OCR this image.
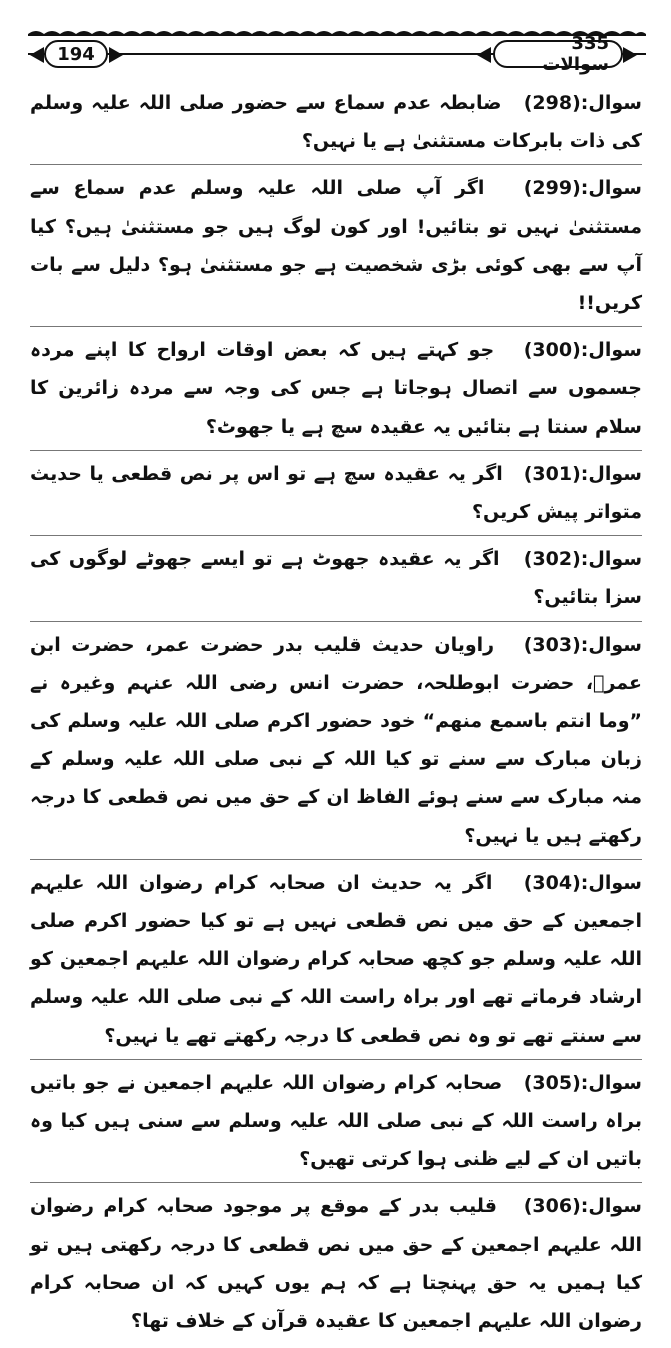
194	335 سوالات

سوال(298):   ضابطہ عدم سماع سے حضور صلی اللہ علیہ وسلم کی ذات بابرکات مستثنیٰ ہے یا نہیں؟

سوال(299):   اگر آپ صلی اللہ علیہ وسلم عدم سماع سے مستثنیٰ نہیں تو بتائیں! اور کون لوگ ہیں جو مستثنیٰ ہیں؟ کیا آپ سے بھی کوئی بڑی شخصیت ہے جو مستثنیٰ ہو؟ دلیل سے بات کریں!!

سوال(300):   جو کہتے ہیں کہ بعض اوقات ارواح کا اپنے مردہ جسموں سے اتصال ہوجاتا ہے جس کی وجہ سے مردہ زائرین کا سلام سنتا ہے بتائیں یہ عقیدہ سچ ہے یا جھوٹ؟

سوال(301):   اگر یہ عقیدہ سچ ہے تو اس پر نص قطعی یا حدیث متواتر پیش کریں؟

سوال(302):   اگر یہ عقیدہ جھوٹ ہے تو ایسے جھوٹے لوگوں کی سزا بتائیں؟

سوال(303):   راویان حدیث قلیب بدر حضرت عمر، حضرت ابن عمرؓ، حضرت ابوطلحہ، حضرت انس رضی اللہ عنہم وغیرہ نے ”وما انتم باسمع منھم“ خود حضور اکرم صلی اللہ علیہ وسلم کی زبان مبارک سے سنے تو کیا اللہ کے نبی صلی اللہ علیہ وسلم کے منہ مبارک سے سنے ہوئے الفاظ ان کے حق میں نص قطعی کا درجہ رکھتے ہیں یا نہیں؟

سوال(304):   اگر یہ حدیث ان صحابہ کرام رضوان اللہ علیہم اجمعین کے حق میں نص قطعی نہیں ہے تو کیا حضور اکرم صلی اللہ علیہ وسلم جو کچھ صحابہ کرام رضوان اللہ علیہم اجمعین کو ارشاد فرماتے تھے اور براہ راست اللہ کے نبی صلی اللہ علیہ وسلم سے سنتے تھے تو وہ نص قطعی کا درجہ رکھتے تھے یا نہیں؟

سوال(305):   صحابہ کرام رضوان اللہ علیہم اجمعین نے جو باتیں براہ راست اللہ کے نبی صلی اللہ علیہ وسلم سے سنی ہیں کیا وہ باتیں ان کے لیے ظنی ہوا کرتی تھیں؟

سوال(306):   قلیب بدر کے موقع پر موجود صحابہ کرام رضوان اللہ علیہم اجمعین کے حق میں نص قطعی کا درجہ رکھتی ہیں تو کیا ہمیں یہ حق پہنچتا ہے کہ ہم یوں کہیں کہ ان صحابہ کرام رضوان اللہ علیہم اجمعین کا عقیدہ قرآن کے خلاف تھا؟
